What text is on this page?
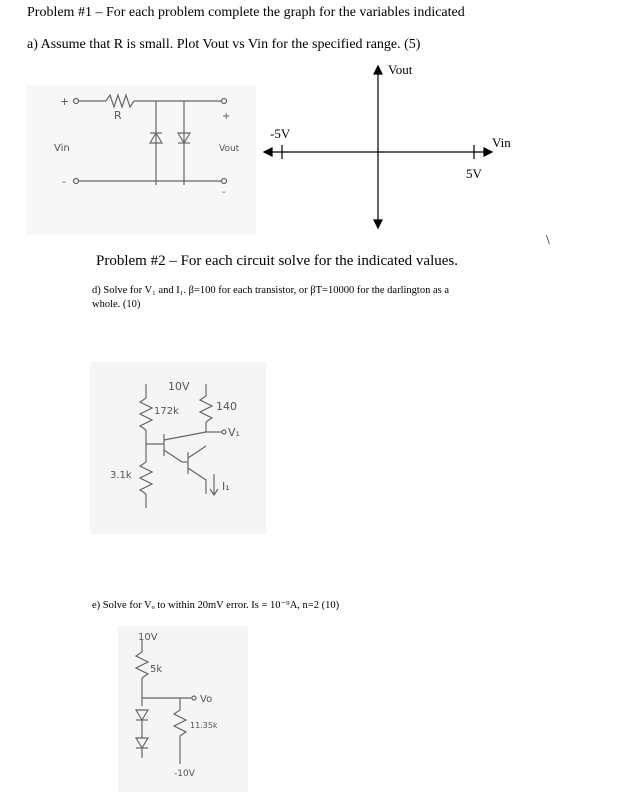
Problem #1 – For each problem complete the graph for the variables indicated
a) Assume that R is small. Plot Vout vs Vin for the specified range. (5)
+
-
R
Vin	Vout
+
-
Vout
Vin
-5V
5V
\
Problem #2 – For each circuit solve for the indicated values.
d) Solve for V₁ and I₁. β=100 for each transistor, or βT=10000 for the darlington as a
whole. (10)
10V
172k	140
V₁
3.1k
I₁
e) Solve for Vₒ to within 20mV error. Is = 10⁻⁹A, n=2 (10)
10V
5k
Vo
11.35k
-10V
